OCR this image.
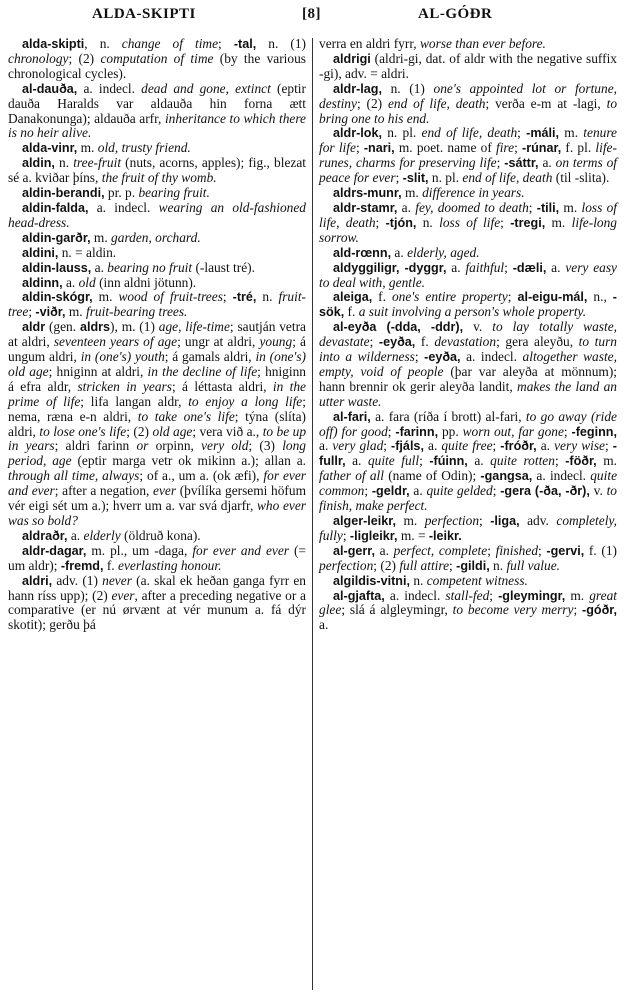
ALDA-SKIPTI	[8]	AL-GÓÐR

alda-skipti, n. change of time; -tal, n. (1) chronology; (2) computation of time (by the various chronological cycles).

al-dauða, a. indecl. dead and gone, extinct (eptir dauða Haralds var aldauða hin forna ætt Danakonunga); aldauða arfr, inheritance to which there is no heir alive.

alda-vinr, m. old, trusty friend.

aldin, n. tree-fruit (nuts, acorns, apples); fig., blezat sé a. kviðar þíns, the fruit of thy womb.

aldin-berandi, pr. p. bearing fruit.

aldin-falda, a. indecl. wearing an old-fashioned head-dress.

aldin-garðr, m. garden, orchard.

aldini, n. = aldin.

aldin-lauss, a. bearing no fruit (-laust tré).

aldinn, a. old (inn aldni jötunn).

aldin-skógr, m. wood of fruit-trees; -tré, n. fruit-tree; -viðr, m. fruit-bearing trees.

aldr (gen. aldrs), m. (1) age, life-time; sautján vetra at aldri, seventeen years of age; ungr at aldri, young; á ungum aldri, in (one's) youth; á gamals aldri, in (one's) old age; hniginn at aldri, in the decline of life; hniginn á efra aldr, stricken in years; á léttasta aldri, in the prime of life; lifa langan aldr, to enjoy a long life; nema, ræna e-n aldri, to take one's life; týna (slíta) aldri, to lose one's life; (2) old age; vera við a., to be up in years; aldri farinn or orpinn, very old; (3) long period, age (eptir marga vetr ok mikinn a.); allan a. through all time, always; of a., um a. (ok æfi), for ever and ever; after a negation, ever (þvílíka gersemi höfum vér eigi sét um a.); hverr um a. var svá djarfr, who ever was so bold?

aldraðr, a. elderly (öldruð kona).

aldr-dagar, m. pl., um -daga, for ever and ever (= um aldr); -fremd, f. everlasting honour.

aldri, adv. (1) never (a. skal ek heðan ganga fyrr en hann ríss upp); (2) ever, after a preceding negative or a comparative (er nú ørvænt at vér munum a. fá dýr skotit); gerðu þá

verra en aldri fyrr, worse than ever before.

aldrigi (aldri-gi, dat. of aldr with the negative suffix -gi), adv. = aldri.

aldr-lag, n. (1) one's appointed lot or fortune, destiny; (2) end of life, death; verða e-m at -lagi, to bring one to his end.

aldr-lok, n. pl. end of life, death; -máli, m. tenure for life; -nari, m. poet. name of fire; -rúnar, f. pl. life-runes, charms for preserving life; -sáttr, a. on terms of peace for ever; -slit, n. pl. end of life, death (til -slita).

aldrs-munr, m. difference in years.

aldr-stamr, a. fey, doomed to death; -tili, m. loss of life, death; -tjón, n. loss of life; -tregi, m. life-long sorrow.

ald-rœnn, a. elderly, aged.

aldyggiligr, -dyggr, a. faithful; -dæli, a. very easy to deal with, gentle.

aleiga, f. one's entire property; al-eigu-mál, n., -sök, f. a suit involving a person's whole property.

al-eyða (-dda, -ddr), v. to lay totally waste, devastate; -eyða, f. devastation; gera aleyðu, to turn into a wilderness; -eyða, a. indecl. altogether waste, empty, void of people (þar var aleyða at mönnum); hann brennir ok gerir aleyða landit, makes the land an utter waste.

al-fari, a. fara (ríða í brott) al-fari, to go away (ride off) for good; -farinn, pp. worn out, far gone; -feginn, a. very glad; -fjáls, a. quite free; -fróðr, a. very wise; -fullr, a. quite full; -fúinn, a. quite rotten; -föðr, m. father of all (name of Odin); -gangsa, a. indecl. quite common; -geldr, a. quite gelded; -gera (-ða, -ðr), v. to finish, make perfect.

alger-leikr, m. perfection; -liga, adv. completely, fully; -ligleikr, m. = -leikr.

al-gerr, a. perfect, complete; finished; -gervi, f. (1) perfection; (2) full attire; -gildi, n. full value.

algildis-vitni, n. competent witness.

al-gjafta, a. indecl. stall-fed; -gleymingr, m. great glee; slá á algleymingr, to become very merry; -góðr, a.
